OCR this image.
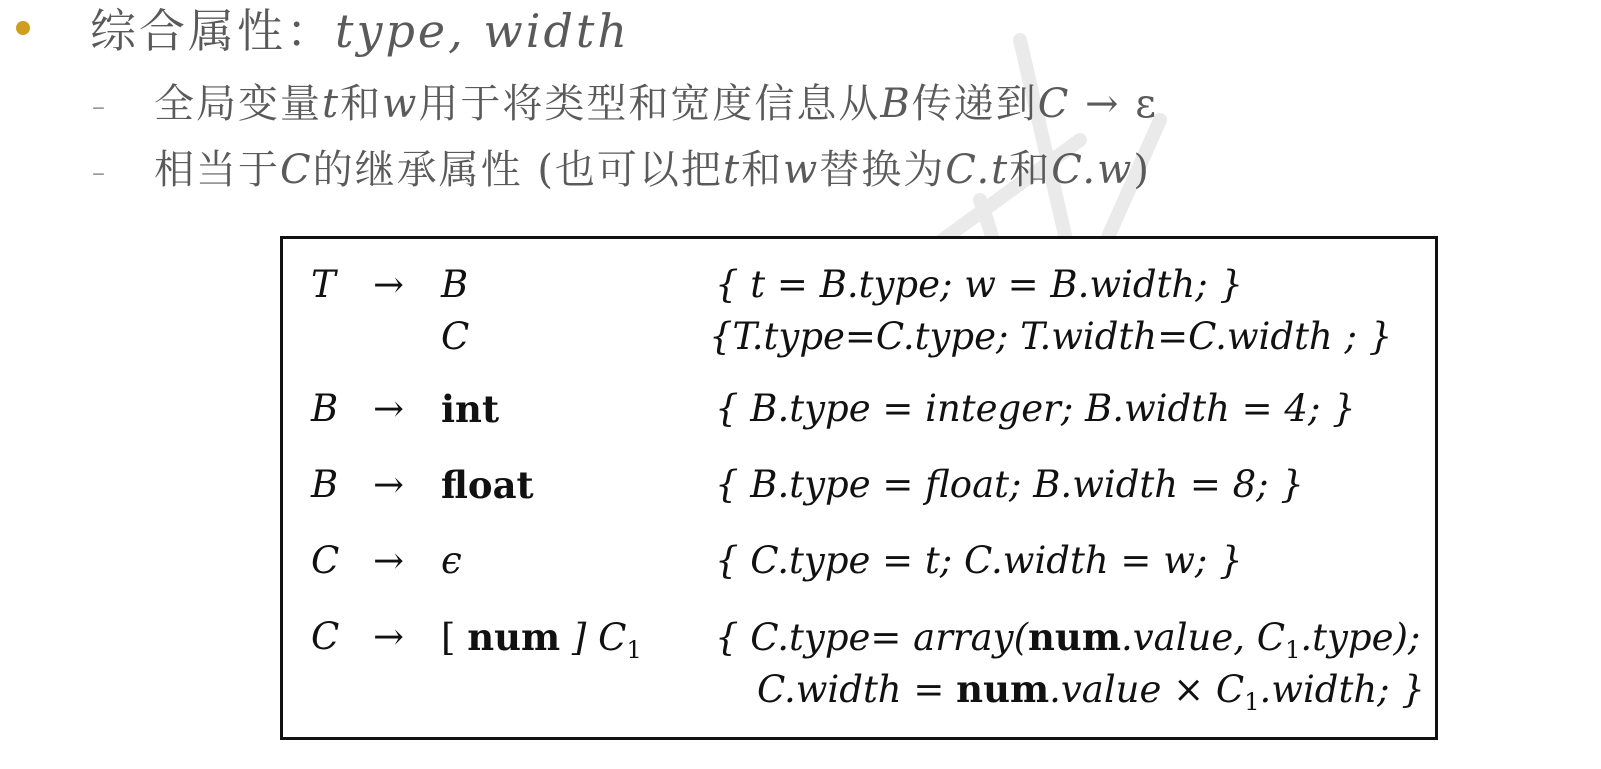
综合属性：type, width
– 全局变量t和w用于将类型和宽度信息从B传递到C → ε
– 相当于C的继承属性 (也可以把t和w替换为C.t和C.w)
T → B	{ t = B.type; w = B.width; }
C	{T.type=C.type; T.width=C.width ; }
B → int	{ B.type = integer; B.width = 4; }
B → float	{ B.type = float; B.width = 8; }
C → ϵ	{ C.type = t; C.width = w; }
C → [ num ] $C_1$ { C.type= array(num.value, $C_1.type$);
C.width = num.value × $C_1.width$; }
